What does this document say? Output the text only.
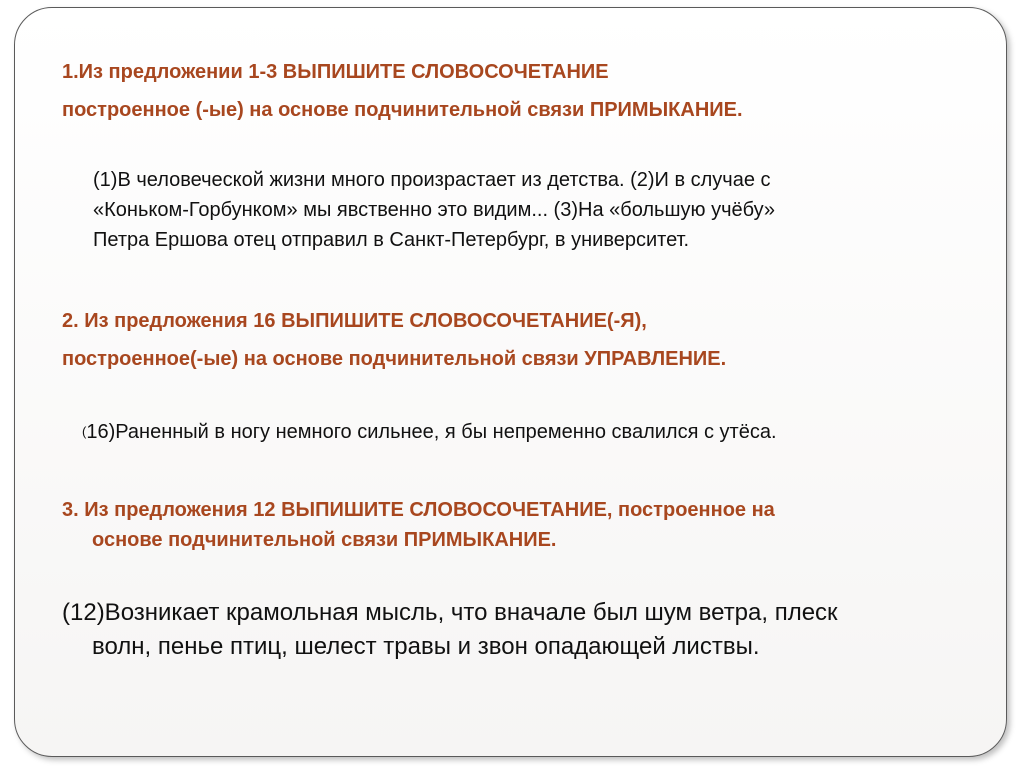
1.Из предложении 1-3 ВЫПИШИТЕ СЛОВОСОЧЕТАНИЕ
построенное (-ые) на основе подчинительной связи ПРИМЫКАНИЕ.
(1)В человеческой жизни много произрастает из детства. (2)И в случае с
«Коньком-Горбунком» мы явственно это видим... (3)На «большую учёбу»
Петра Ершова отец отправил в Санкт-Петербург, в университет.
2. Из предложения 16 ВЫПИШИТЕ СЛОВОСОЧЕТАНИЕ(-Я),
построенное(-ые) на основе подчинительной связи УПРАВЛЕНИЕ.
(16)Раненный в ногу немного сильнее, я бы непременно свалился с утёса.
3. Из предложения 12 ВЫПИШИТЕ СЛОВОСОЧЕТАНИЕ, построенное на
основе подчинительной связи ПРИМЫКАНИЕ.
(12)Возникает крамольная мысль, что вначале был шум ветра, плеск
волн, пенье птиц, шелест травы и звон опадающей листвы.
